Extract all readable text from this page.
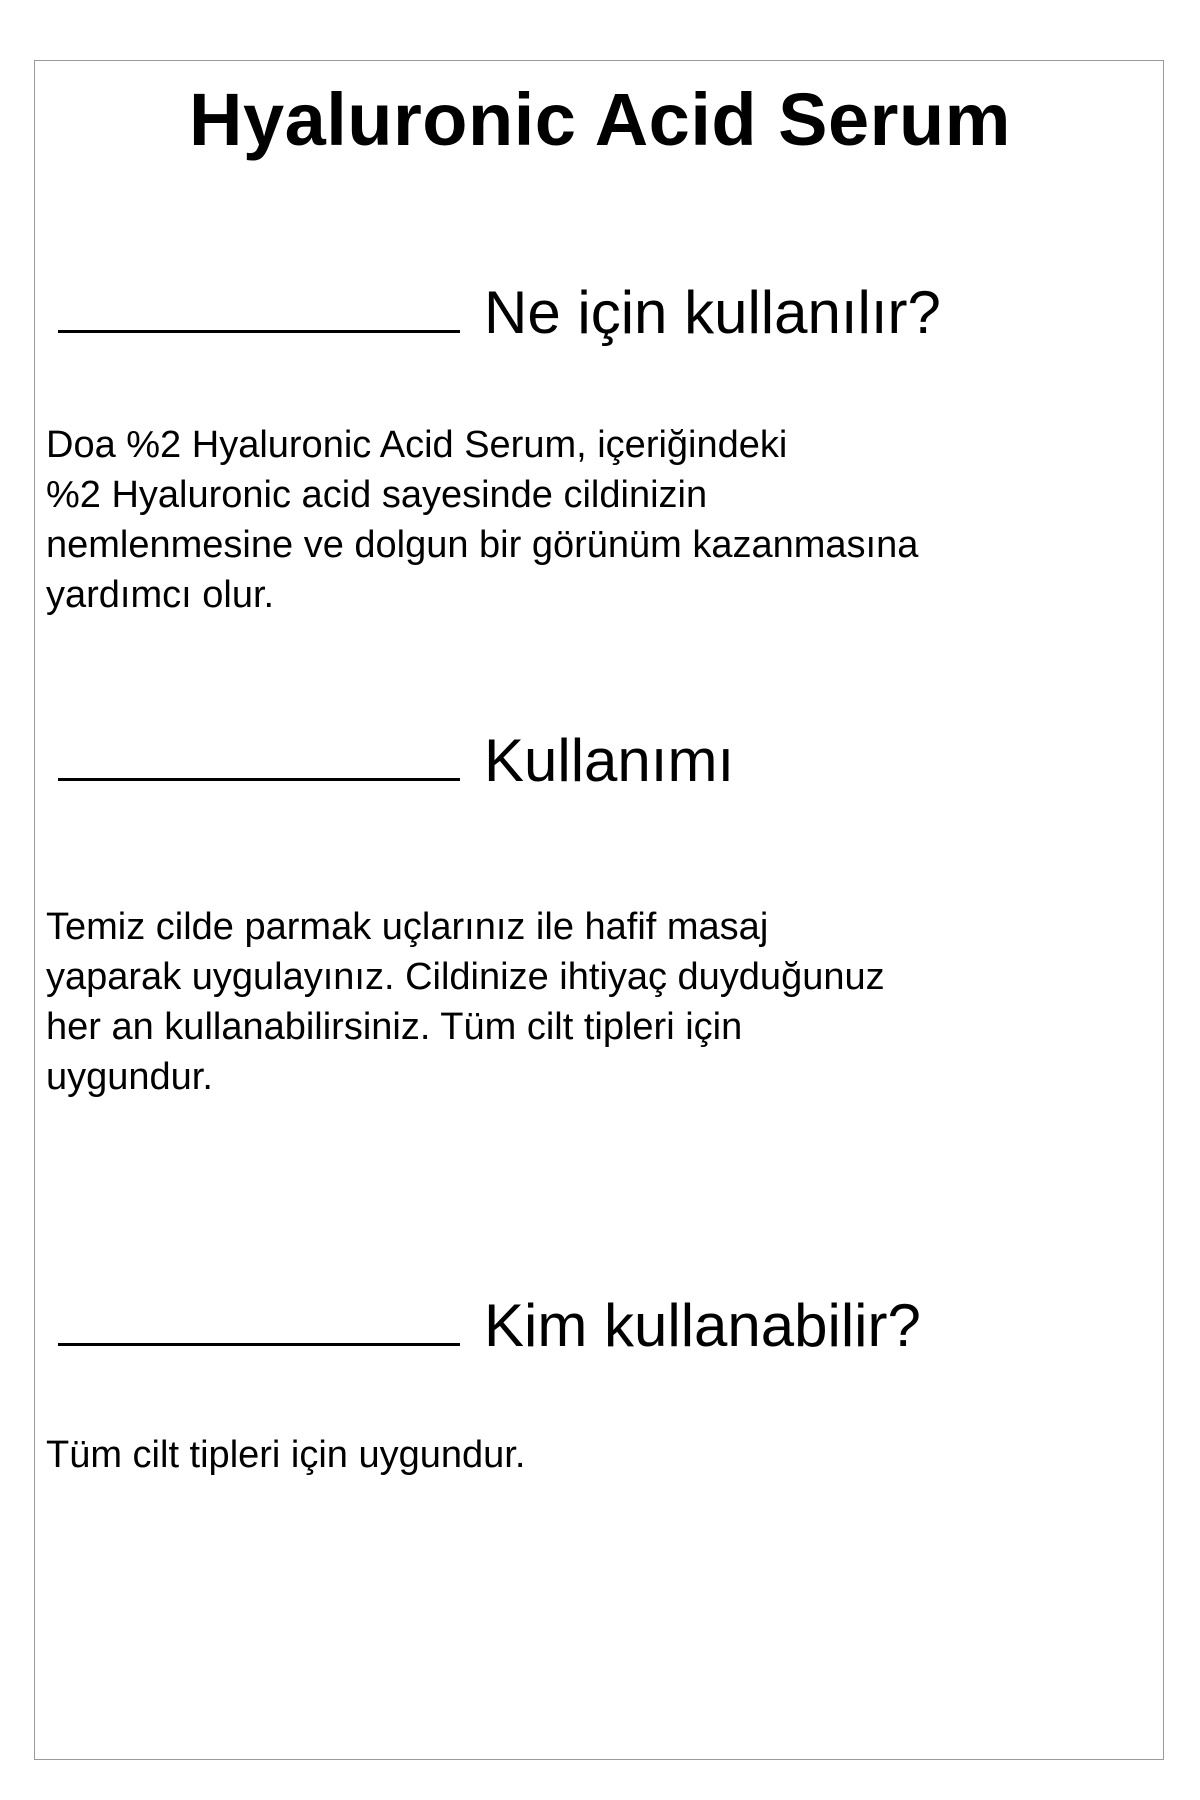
Hyaluronic Acid Serum
Ne için kullanılır?
Doa %2 Hyaluronic Acid Serum, içeriğindeki
%2 Hyaluronic acid sayesinde cildinizin
nemlenmesine ve dolgun bir görünüm kazanmasına
yardımcı olur.
Kullanımı
Temiz cilde parmak uçlarınız ile hafif masaj
yaparak uygulayınız. Cildinize ihtiyaç duyduğunuz
her an kullanabilirsiniz. Tüm cilt tipleri için
uygundur.
Kim kullanabilir?
Tüm cilt tipleri için uygundur.
